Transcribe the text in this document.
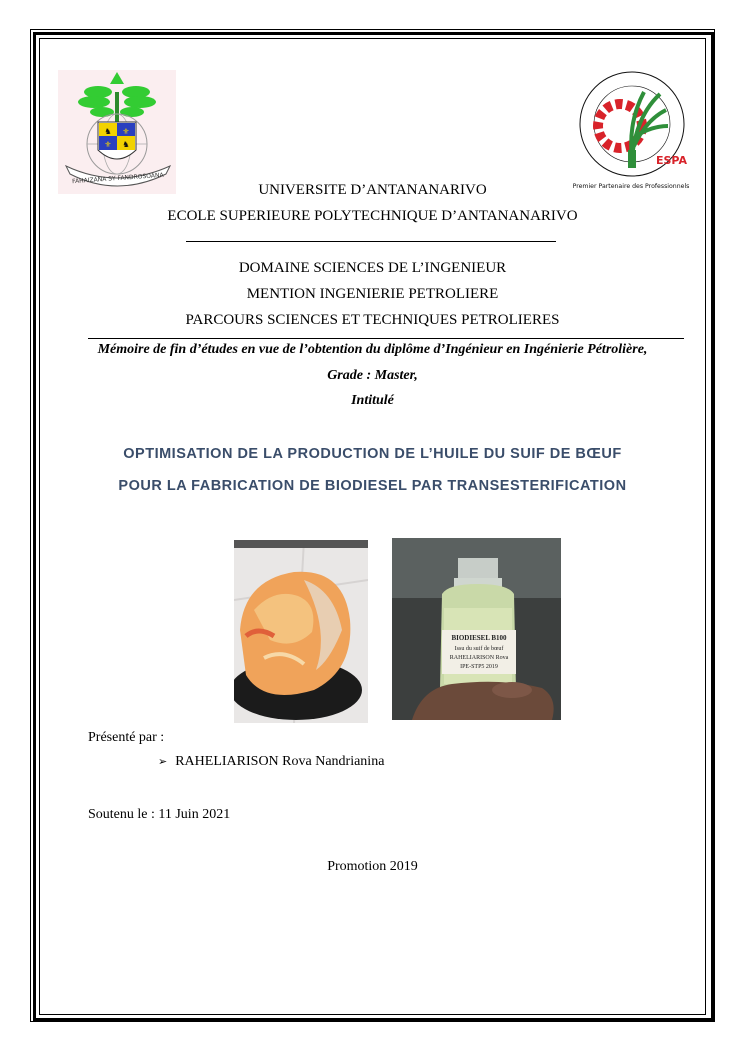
♞ ⚜
⚜ ♞
FAHAIZANA SY FANDROSOANA
ESPA
Premier Partenaire des Professionnels
UNIVERSITE D’ANTANANARIVO
ECOLE SUPERIEURE POLYTECHNIQUE D’ANTANANARIVO
DOMAINE SCIENCES DE L’INGENIEUR
MENTION INGENIERIE PETROLIERE
PARCOURS SCIENCES ET TECHNIQUES PETROLIERES
Mémoire de fin d’études en vue de l’obtention du diplôme d’Ingénieur en Ingénierie Pétrolière,
Grade : Master,
Intitulé
OPTIMISATION DE LA PRODUCTION DE L’HUILE DU SUIF DE BŒUF
POUR LA FABRICATION DE BIODIESEL PAR TRANSESTERIFICATION
BIODIESEL B100
Issu du suif de bœuf
RAHELIARISON Rova
IPE-STP5 2019
Présenté par :
➢ RAHELIARISON Rova Nandrianina
Soutenu le : 11 Juin 2021
Promotion 2019
